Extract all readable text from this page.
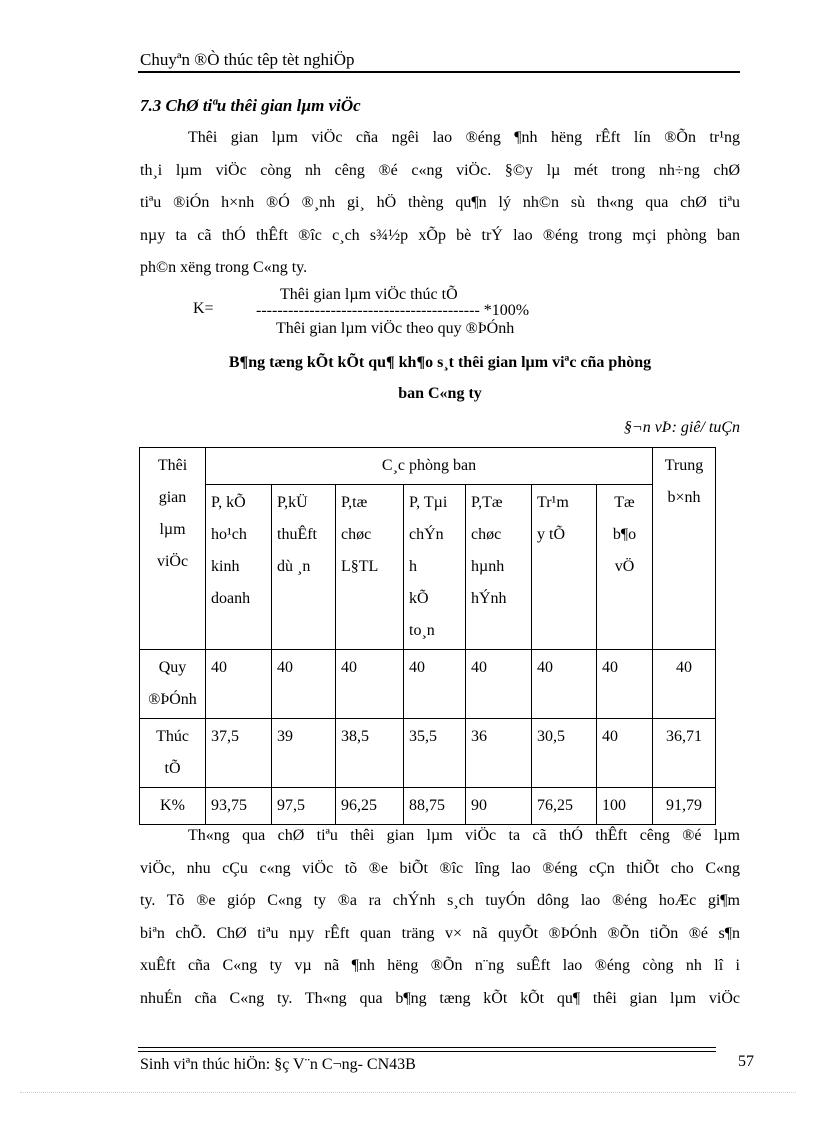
Chuyªn ®Ò thúc têp tèt nghiÖp
7.3 ChØ tiªu thêi gian lµm viÖc
Thêi gian lµm viÖc cña ngêi lao ®éng ¶nh hëng rÊft lín ®Õn tr¹ng
th¸i lµm viÖc còng nh cêng ®é c«ng viÖc. §©y lµ mét trong nh÷ng chØ
tiªu ®iÓn h×nh ®Ó ®¸nh gi¸ hÖ thèng qu¶n lý nh©n sù th«ng qua chØ tiªu
nµy ta cã thÓ thÊft ®îc c¸ch s¾½p xÕp bè trÝ lao ®éng trong mçi phòng ban
ph©n xëng trong C«ng ty.
Thêi gian lµm viÖc thúc tÕ
K=	------------------------------------------ *100%
Thêi gian lµm viÖc theo quy ®ÞÓnh
B¶ng tæng kÕt kÕt qu¶ kh¶o s¸t thêi gian lµm viªc cña phòng
ban C«ng ty
§¬n vÞ: giê/ tuÇn
Thêi
gian
lµm
viÖc	C¸c phòng ban							Trung
b×nh
	P, kÕ
ho¹ch
kinh
doanh	P,kÜ
thuÊft
dù ¸n	P,tæ
chøc
L§TL	P, Tµi
chÝn
h
kÕ
to¸n	P,Tæ
chøc
hµnh
hÝnh	Tr¹m
y tÕ	Tæ
b¶o
vÖ	
Quy
®ÞÓnh	40	40	40	40	40	40	40	40
Thúc
tÕ	37,5	39	38,5	35,5	36	30,5	40	36,71
K%	93,75	97,5	96,25	88,75	90	76,25	100	91,79
Th«ng qua chØ tiªu thêi gian lµm viÖc ta cã thÓ thÊft cêng ®é lµm
viÖc, nhu cÇu c«ng viÖc tõ ®e biÕt ®îc lîng lao ®éng cÇn thiÕt cho C«ng
ty. Tõ ®e gióp C«ng ty ®a ra chÝnh s¸ch tuyÓn dông lao ®éng hoÆc gi¶m
biªn chÕ. ChØ tiªu nµy rÊft quan träng v× nã quyÕt ®ÞÓnh ®Õn tiÕn ®é s¶n
xuÊft cña C«ng ty vµ nã ¶nh hëng ®Õn n¨ng suÊft lao ®éng còng nh lî i
nhuÉn cña C«ng ty. Th«ng qua b¶ng tæng kÕt kÕt qu¶ thêi gian lµm viÖc
Sinh viªn thúc hiÖn: §ç V¨n C¬ng- CN43B	57
